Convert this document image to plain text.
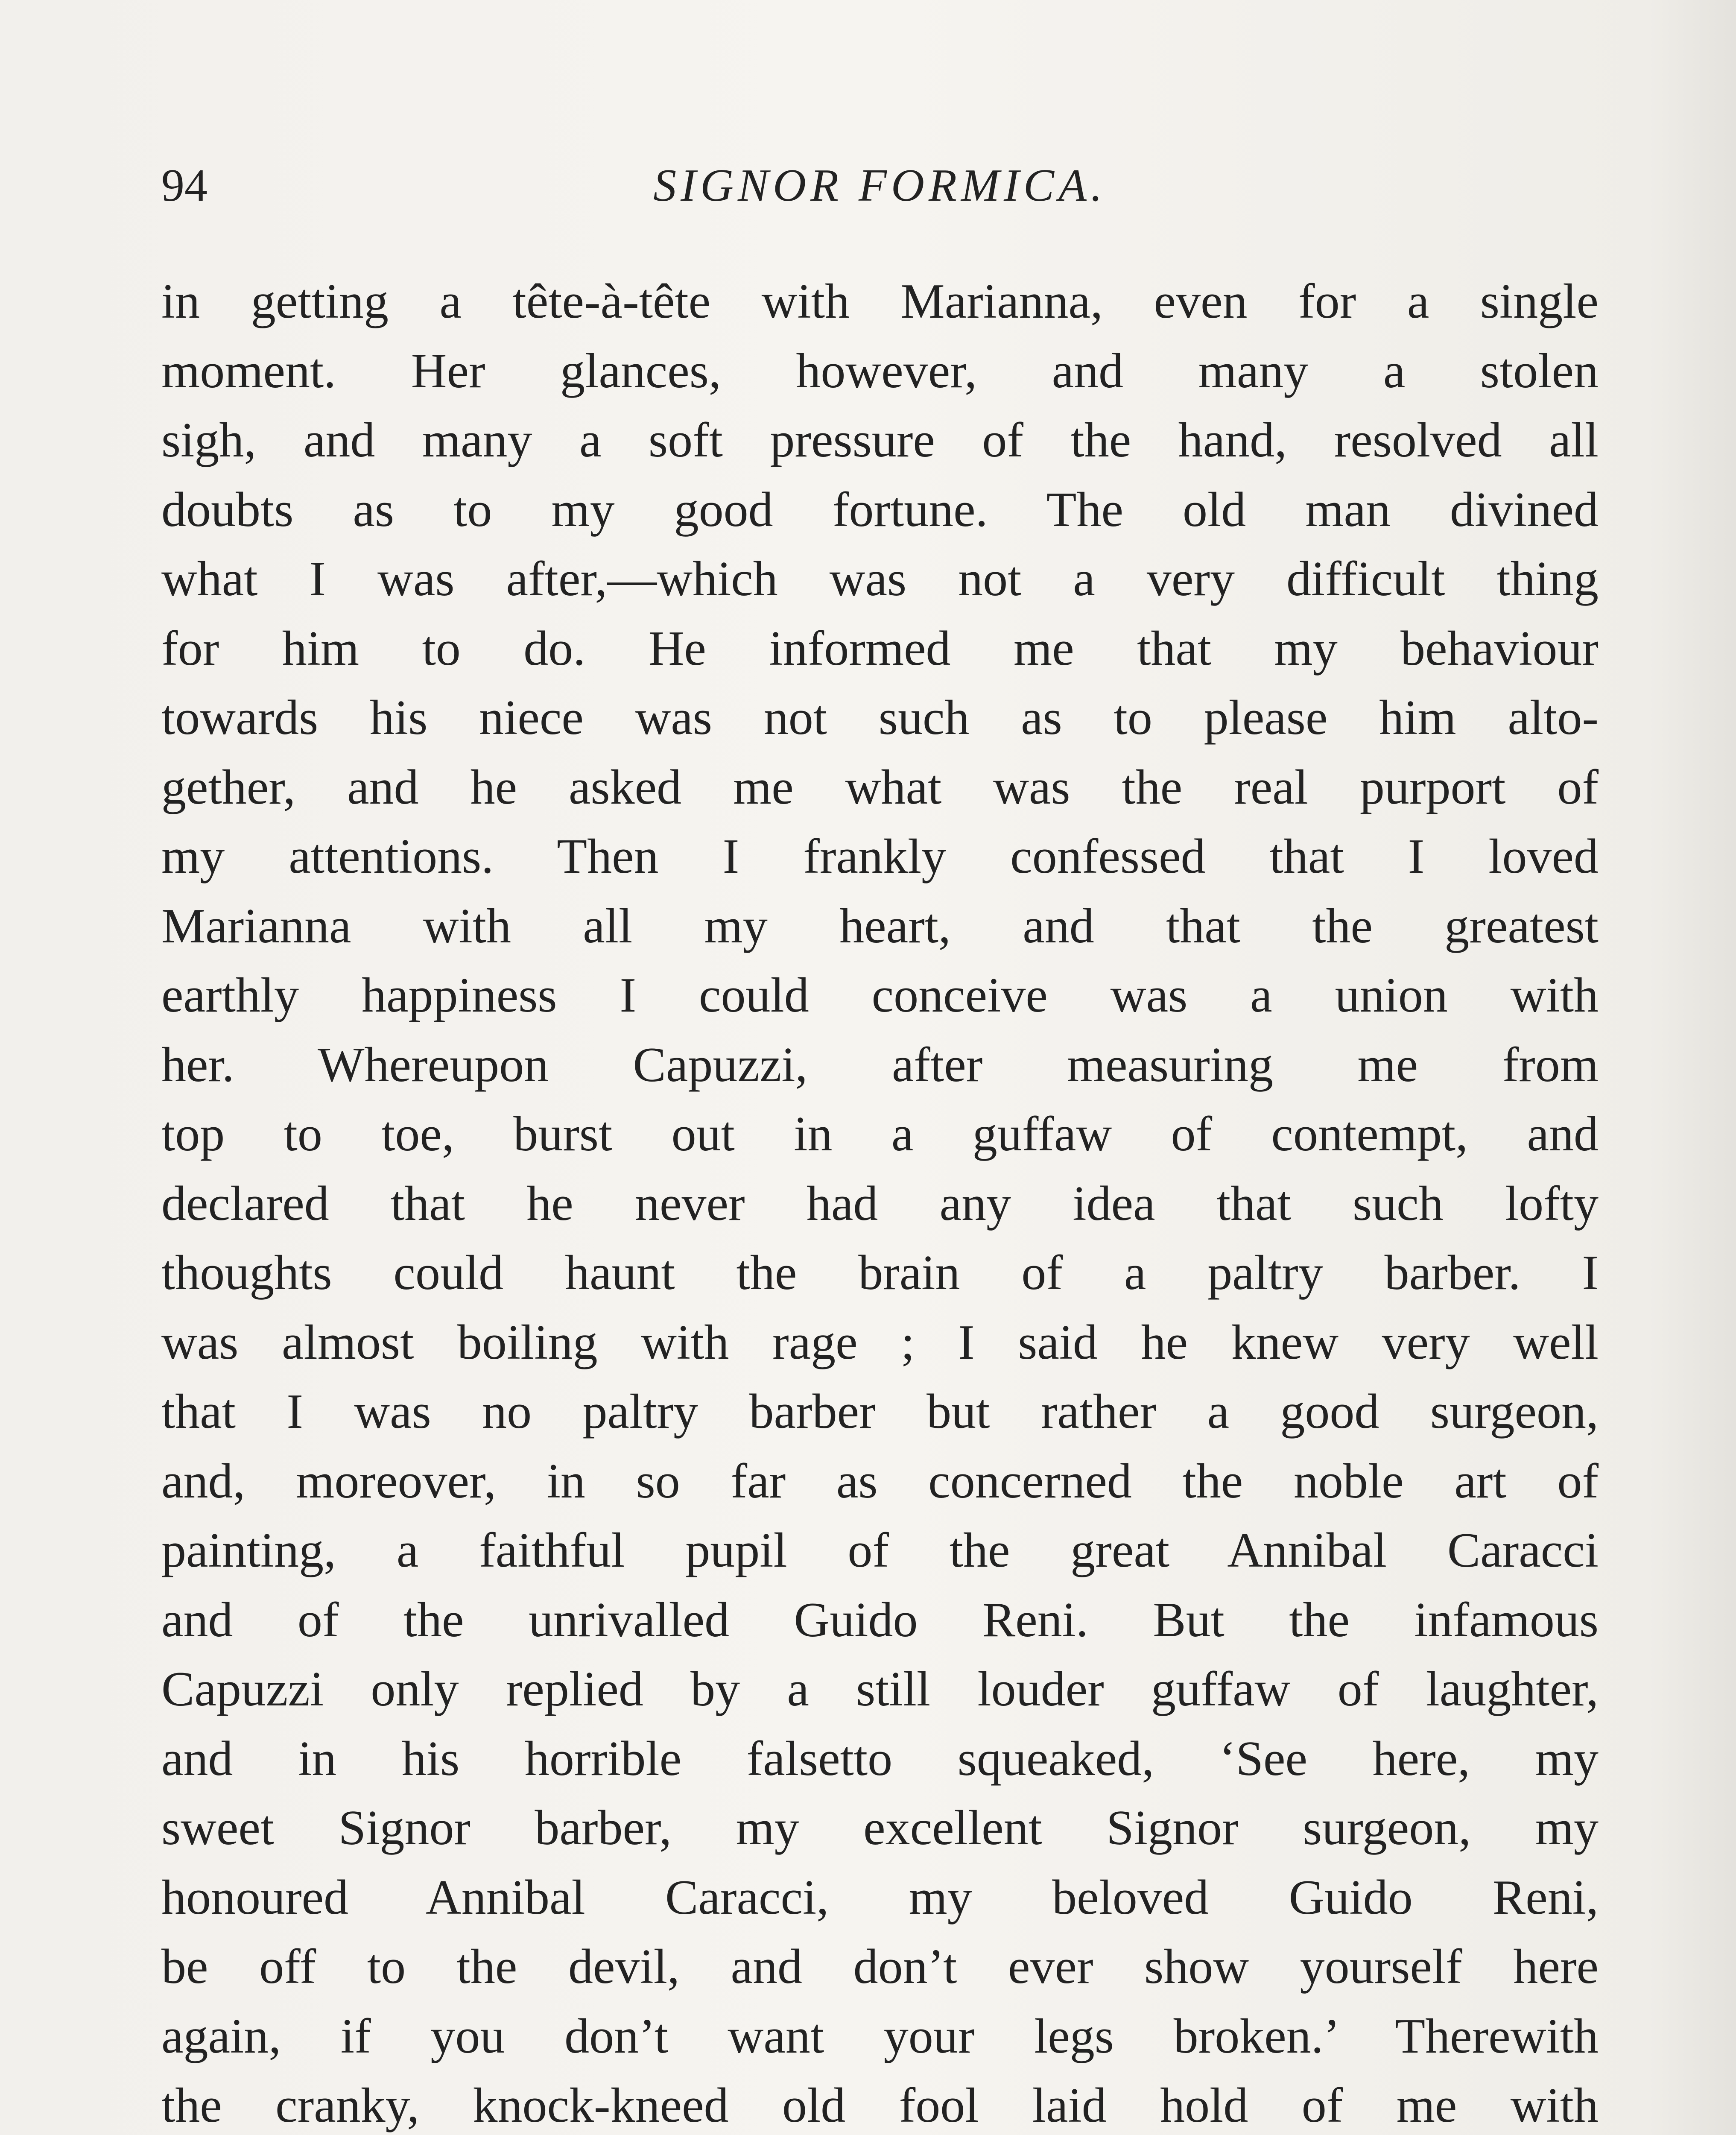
94	SIGNOR FORMICA.
in getting a tête-à-tête with Marianna, even for a single
moment. Her glances, however, and many a stolen
sigh, and many a soft pressure of the hand, resolved all
doubts as to my good fortune. The old man divined
what I was after,—which was not a very difficult thing
for him to do. He informed me that my behaviour
towards his niece was not such as to please him alto-
gether, and he asked me what was the real purport of
my attentions. Then I frankly confessed that I loved
Marianna with all my heart, and that the greatest
earthly happiness I could conceive was a union with
her. Whereupon Capuzzi, after measuring me from
top to toe, burst out in a guffaw of contempt, and
declared that he never had any idea that such lofty
thoughts could haunt the brain of a paltry barber. I
was almost boiling with rage ; I said he knew very well
that I was no paltry barber but rather a good surgeon,
and, moreover, in so far as concerned the noble art of
painting, a faithful pupil of the great Annibal Caracci
and of the unrivalled Guido Reni. But the infamous
Capuzzi only replied by a still louder guffaw of laughter,
and in his horrible falsetto squeaked, ‘See here, my
sweet Signor barber, my excellent Signor surgeon, my
honoured Annibal Caracci, my beloved Guido Reni,
be off to the devil, and don’t ever show yourself here
again, if you don’t want your legs broken.’ Therewith
the cranky, knock-kneed old fool laid hold of me with
